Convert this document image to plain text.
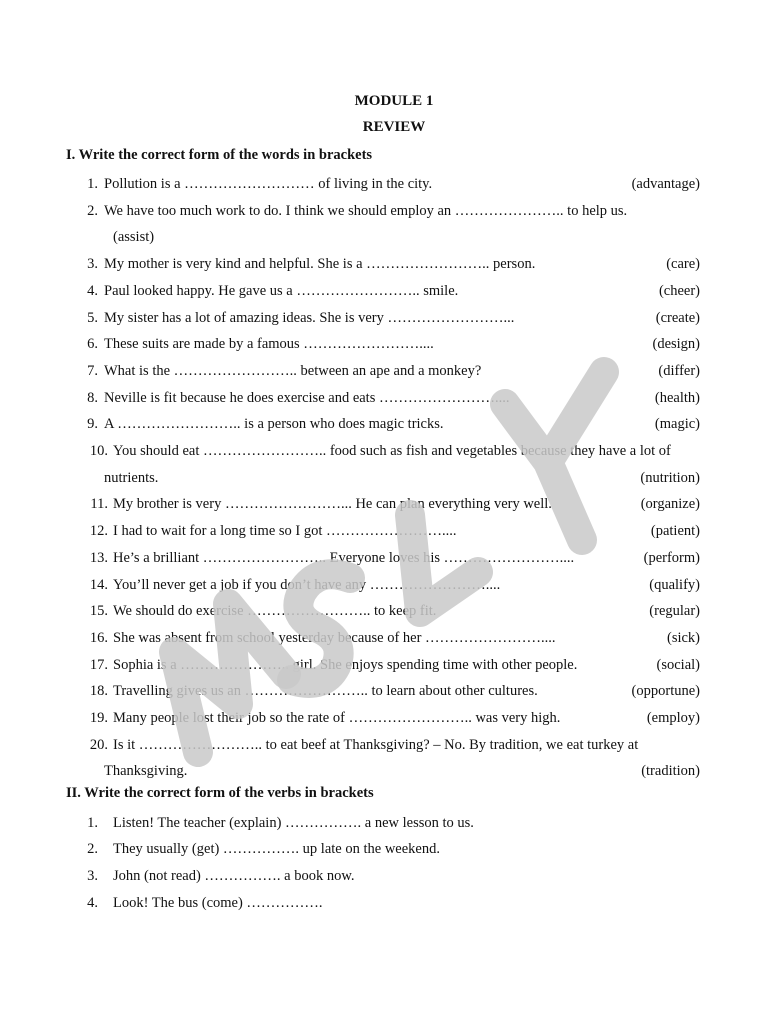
MODULE 1
REVIEW

I. Write the correct form of the words in brackets

1. Pollution is a ……………………… of living in the city.	(advantage)
2. We have too much work to do. I think we should employ an ………………….. to help us.
(assist)
3. My mother is very kind and helpful. She is a …………………….. person.	(care)
4. Paul looked happy. He gave us a …………………….. smile.	(cheer)
5. My sister has a lot of amazing ideas. She is very ……………………...	(create)
6. These suits are made by a famous ……………………....	(design)
7. What is the …………………….. between an ape and a monkey?	(differ)
8. Neville is fit because he does exercise and eats ……………………....	(health)
9. A …………………….. is a person who does magic tricks.	(magic)
10. You should eat …………………….. food such as fish and vegetables because they have a lot of
nutrients.	(nutrition)
11. My brother is very ……………………... He can plan everything very well.	(organize)
12. I had to wait for a long time so I got ……………………....	(patient)
13. He’s a brilliant …………………….. Everyone loves his ……………………....	(perform)
14. You’ll never get a job if you don’t have any ……………………....	(qualify)
15. We should do exercise …………………….. to keep fit.	(regular)
16. She was absent from school yesterday because of her ……………………....	(sick)
17. Sophia is a ………………….. girl. She enjoys spending time with other people.	(social)
18. Travelling gives us an …………………….. to learn about other cultures.	(opportune)
19. Many people lost their job so the rate of …………………….. was very high.	(employ)
20. Is it …………………….. to eat beef at Thanksgiving? – No. By tradition, we eat turkey at
Thanksgiving.	(tradition)

II. Write the correct form of the verbs in brackets

1. Listen! The teacher (explain) ……………. a new lesson to us.
2. They usually (get) ……………. up late on the weekend.
3. John (not read) ……………. a book now.
4. Look! The bus (come) …………….
